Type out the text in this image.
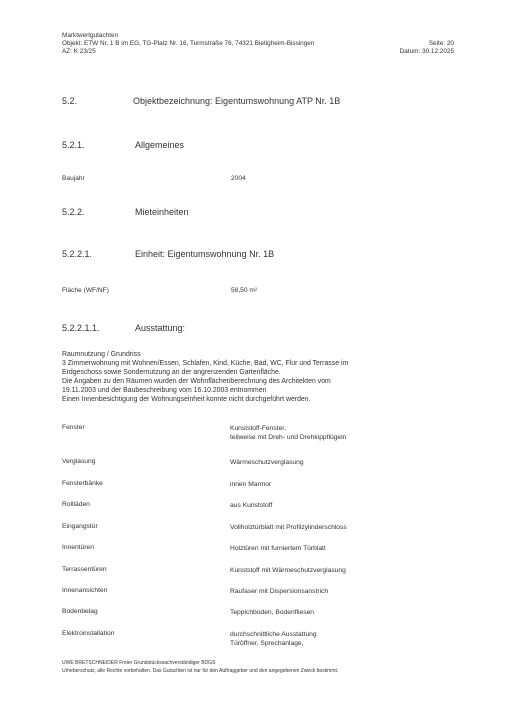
Marktwertgutachten
Objekt: ETW Nr. 1 B im EG, TG-Platz Nr. 16, Turmstraße 76, 74321 Bietigheim-Bissingen	Seite: 20
AZ: K 23/25	Datum: 30.12.2025
5.2.	Objektbezeichnung: Eigentumswohnung ATP Nr. 1B
5.2.1.	Allgemeines
Baujahr	2004
5.2.2.	Mieteinheiten
5.2.2.1.	Einheit: Eigentumswohnung Nr. 1B
Fläche (WF/NF)	58,50 m²
5.2.2.1.1.	Ausstattung:
Raumnutzung / Grundriss
3 Zimmerwohnung mit Wohnen/Essen, Schlafen, Kind, Küche, Bad, WC, Flur und Terrasse im
Erdgeschoss sowie Sondernutzung an der angrenzenden Gartenfläche.
Die Angaben zu den Räumen wurden der Wohnflächenberechnung des Architekten vom
19.11.2003 und der Baubeschreibung vom 16.10.2003 entnommen
Einen Innenbesichtigung der Wohnungseinheit konnte nicht durchgeführt werden.
Fenster	Kunststoff-Fenster,
teilweise mit Dreh- und Drehkippflügeln
Verglasung	Wärmeschutzverglasung
Fensterbänke	innen Marmor
Rollläden	aus Kunststoff
Eingangstür	Vollholztürblatt mit Profilzylinderschloss
Innentüren	Holztüren mit furniertem Türblatt
Terrassentüren	Kunststoff mit Wärmeschutzverglasung
Innenansichten	Raufaser mit Dispersionsanstrich
Bodenbelag	Teppichboden, Bodenfliesen
Elektroinstallation	durchschnittliche Ausstattung
Türöffner, Sprechanlage,
UWE BRETSCHNEIDER Freier Grundstückssachverständiger BDGS
Urheberschutz, alle Rechte vorbehalten. Das Gutachten ist nur für den Auftraggeber und den angegebenen Zweck bestimmt.
